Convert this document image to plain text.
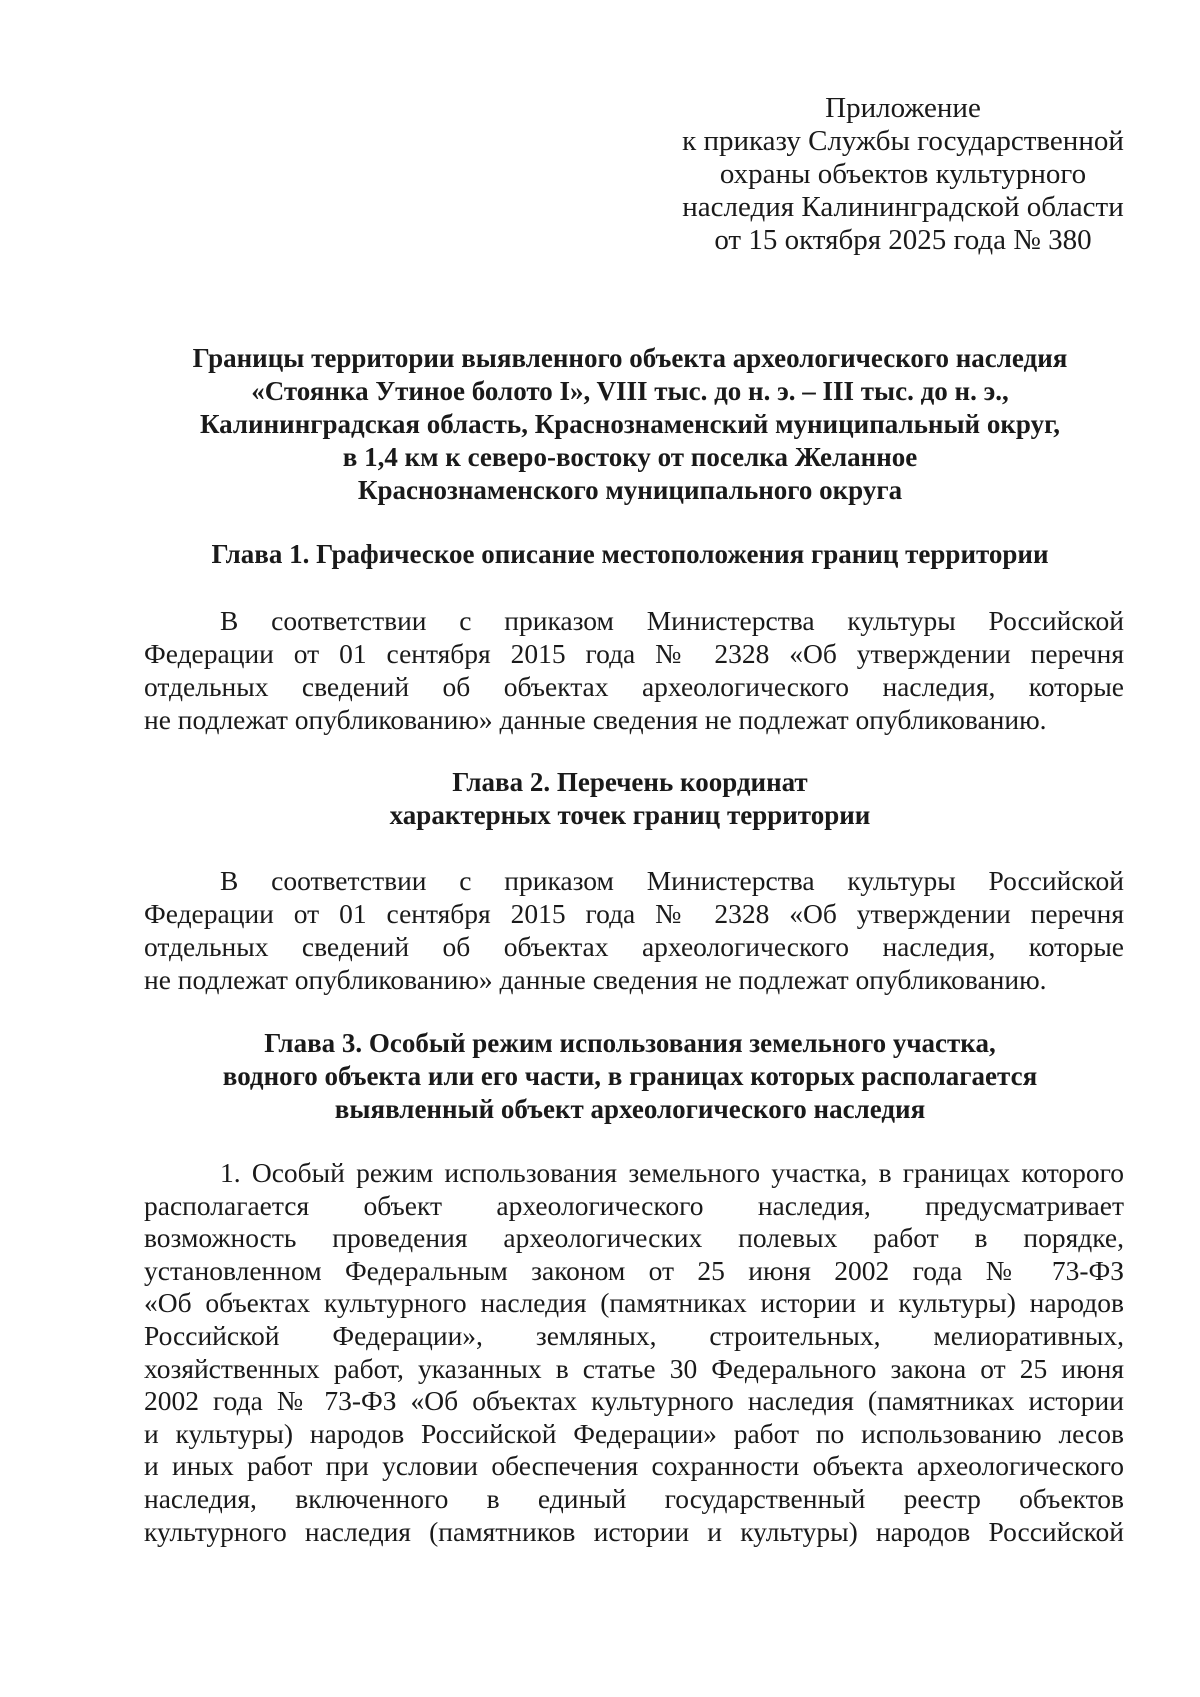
Приложение
к приказу Службы государственной
охраны объектов культурного
наследия Калининградской области
от 15 октября 2025 года № 380
Границы территории выявленного объекта археологического наследия
«Стоянка Утиное болото I», VIII тыс. до н. э. – III тыс. до н. э.,
Калининградская область, Краснознаменский муниципальный округ,
в 1,4 км к северо-востоку от поселка Желанное
Краснознаменского муниципального округа
Глава 1. Графическое описание местоположения границ территории
В соответствии с приказом Министерства культуры Российской
Федерации от 01 сентября 2015 года № 2328 «Об утверждении перечня
отдельных сведений об объектах археологического наследия, которые
не подлежат опубликованию» данные сведения не подлежат опубликованию.
Глава 2. Перечень координат
характерных точек границ территории
В соответствии с приказом Министерства культуры Российской
Федерации от 01 сентября 2015 года № 2328 «Об утверждении перечня
отдельных сведений об объектах археологического наследия, которые
не подлежат опубликованию» данные сведения не подлежат опубликованию.
Глава 3. Особый режим использования земельного участка,
водного объекта или его части, в границах которых располагается
выявленный объект археологического наследия
1. Особый режим использования земельного участка, в границах которого
располагается объект археологического наследия, предусматривает
возможность проведения археологических полевых работ в порядке,
установленном Федеральным законом от 25 июня 2002 года № 73-ФЗ
«Об объектах культурного наследия (памятниках истории и культуры) народов
Российской Федерации», земляных, строительных, мелиоративных,
хозяйственных работ, указанных в статье 30 Федерального закона от 25 июня
2002 года № 73-ФЗ «Об объектах культурного наследия (памятниках истории
и культуры) народов Российской Федерации» работ по использованию лесов
и иных работ при условии обеспечения сохранности объекта археологического
наследия, включенного в единый государственный реестр объектов
культурного наследия (памятников истории и культуры) народов Российской
